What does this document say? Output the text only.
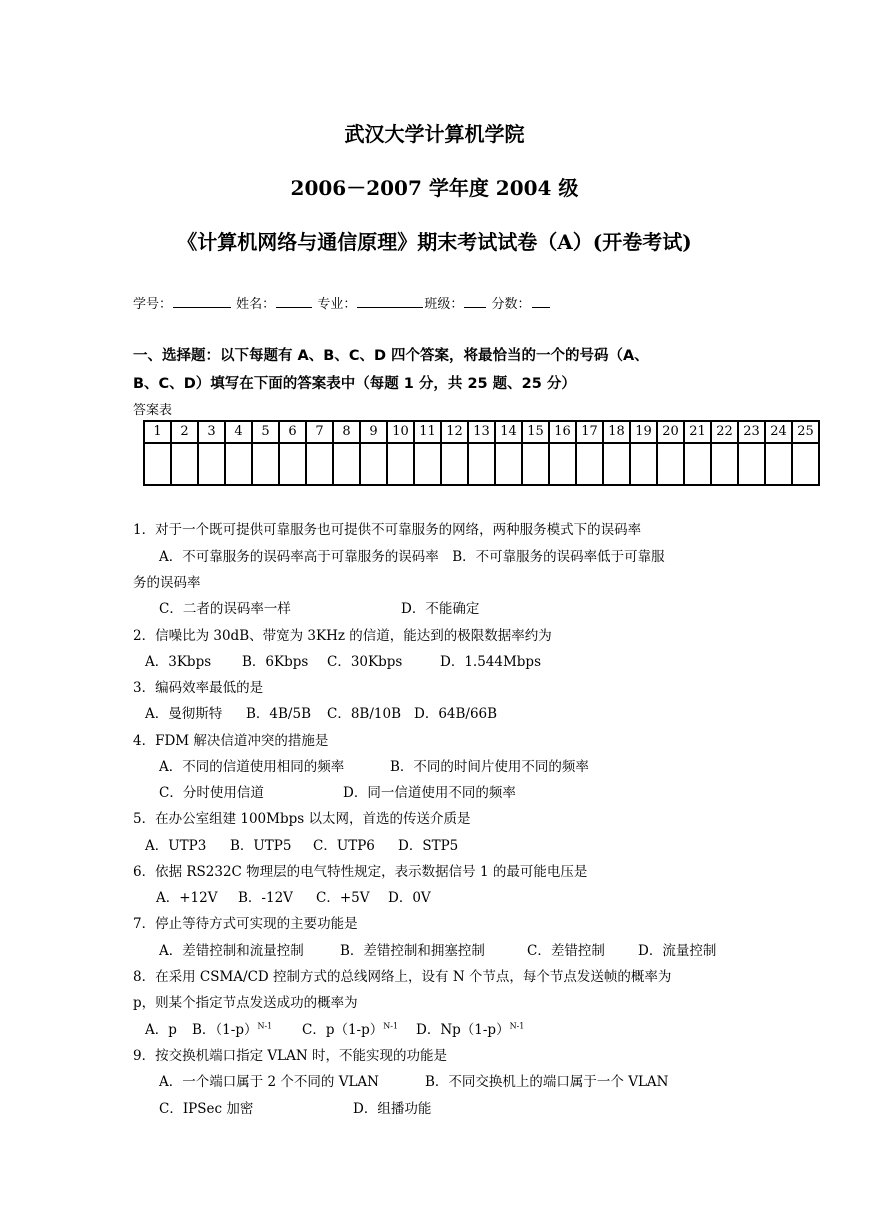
武汉大学计算机学院
2006－2007 学年度 2004 级
《计算机网络与通信原理》期末考试试卷（A）(开卷考试)
学号：	姓名：	专业：	班级： 分数：
一、选择题：以下每题有 A、B、C、D 四个答案，将最恰当的一个的号码（A、
B、C、D）填写在下面的答案表中（每题 1 分，共 25 题、25 分）
答案表
1	2	3	4	5	6	7	8	9	10	11	12	13	14	15	16	17	18	19	20	21	22	23	24	25

1．对于一个既可提供可靠服务也可提供不可靠服务的网络，两种服务模式下的误码率
A．不可靠服务的误码率高于可靠服务的误码率　B．不可靠服务的误码率低于可靠服
务的误码率
C．二者的误码率一样	D．不能确定
2．信噪比为 30dB、带宽为 3KHz 的信道，能达到的极限数据率约为
A．3Kbps B．6Kbps C．30Kbps	D．1.544Mbps
3．编码效率最低的是
A．曼彻斯特 B．4B/5B C．8B/10B D．64B/66B
4．FDM 解决信道冲突的措施是
A．不同的信道使用相同的频率	B．不同的时间片使用不同的频率
C．分时使用信道	D．同一信道使用不同的频率
5．在办公室组建 100Mbps 以太网，首选的传送介质是
A．UTP3 B．UTP5 C．UTP6 D．STP5
6．依据 RS232C 物理层的电气特性规定，表示数据信号 1 的最可能电压是
A．+12V B．-12V C．+5V D．0V
7．停止等待方式可实现的主要功能是
A．差错控制和流量控制	B．差错控制和拥塞控制	C．差错控制 D．流量控制
8．在采用 CSMA/CD 控制方式的总线网络上，设有 N 个节点，每个节点发送帧的概率为
p，则某个指定节点发送成功的概率为
A．p B．$(1-p)^{N-1}$ C．$p(1-p)^{N-1}$ D．$Np(1-p)^{N-1}$
9．按交换机端口指定 VLAN 时，不能实现的功能是
A．一个端口属于 2 个不同的 VLAN	B．不同交换机上的端口属于一个 VLAN
C．IPSec 加密	D．组播功能
